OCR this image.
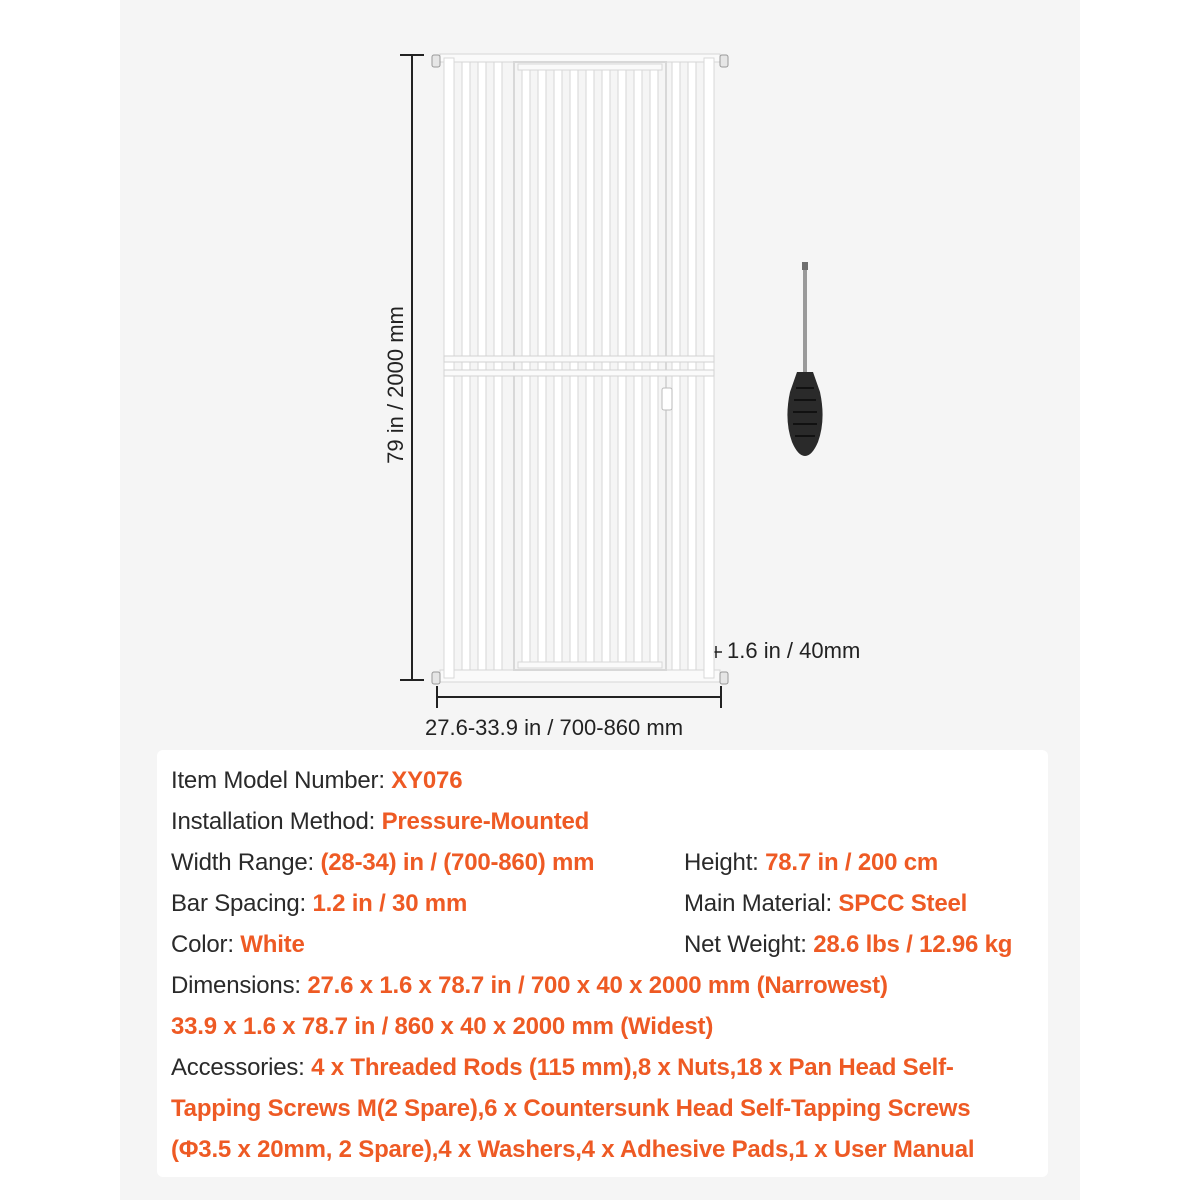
79 in / 2000 mm
27.6-33.9 in / 700-860 mm
1.6 in / 40mm
Item Model Number: XY076
Installation Method: Pressure-Mounted
Width Range: (28-34) in / (700-860) mm	Height: 78.7 in / 200 cm
Bar Spacing: 1.2 in / 30 mm	Main Material: SPCC Steel
Color: White	Net Weight: 28.6 lbs / 12.96 kg
Dimensions: 27.6 x 1.6 x 78.7 in / 700 x 40 x 2000 mm (Narrowest)
33.9 x 1.6 x 78.7 in / 860 x 40 x 2000 mm (Widest)
Accessories: 4 x Threaded Rods (115 mm),8 x Nuts,18 x Pan Head Self-
Tapping Screws M(2 Spare),6 x Countersunk Head Self-Tapping Screws
(Φ3.5 x 20mm, 2 Spare),4 x Washers,4 x Adhesive Pads,1 x User Manual
